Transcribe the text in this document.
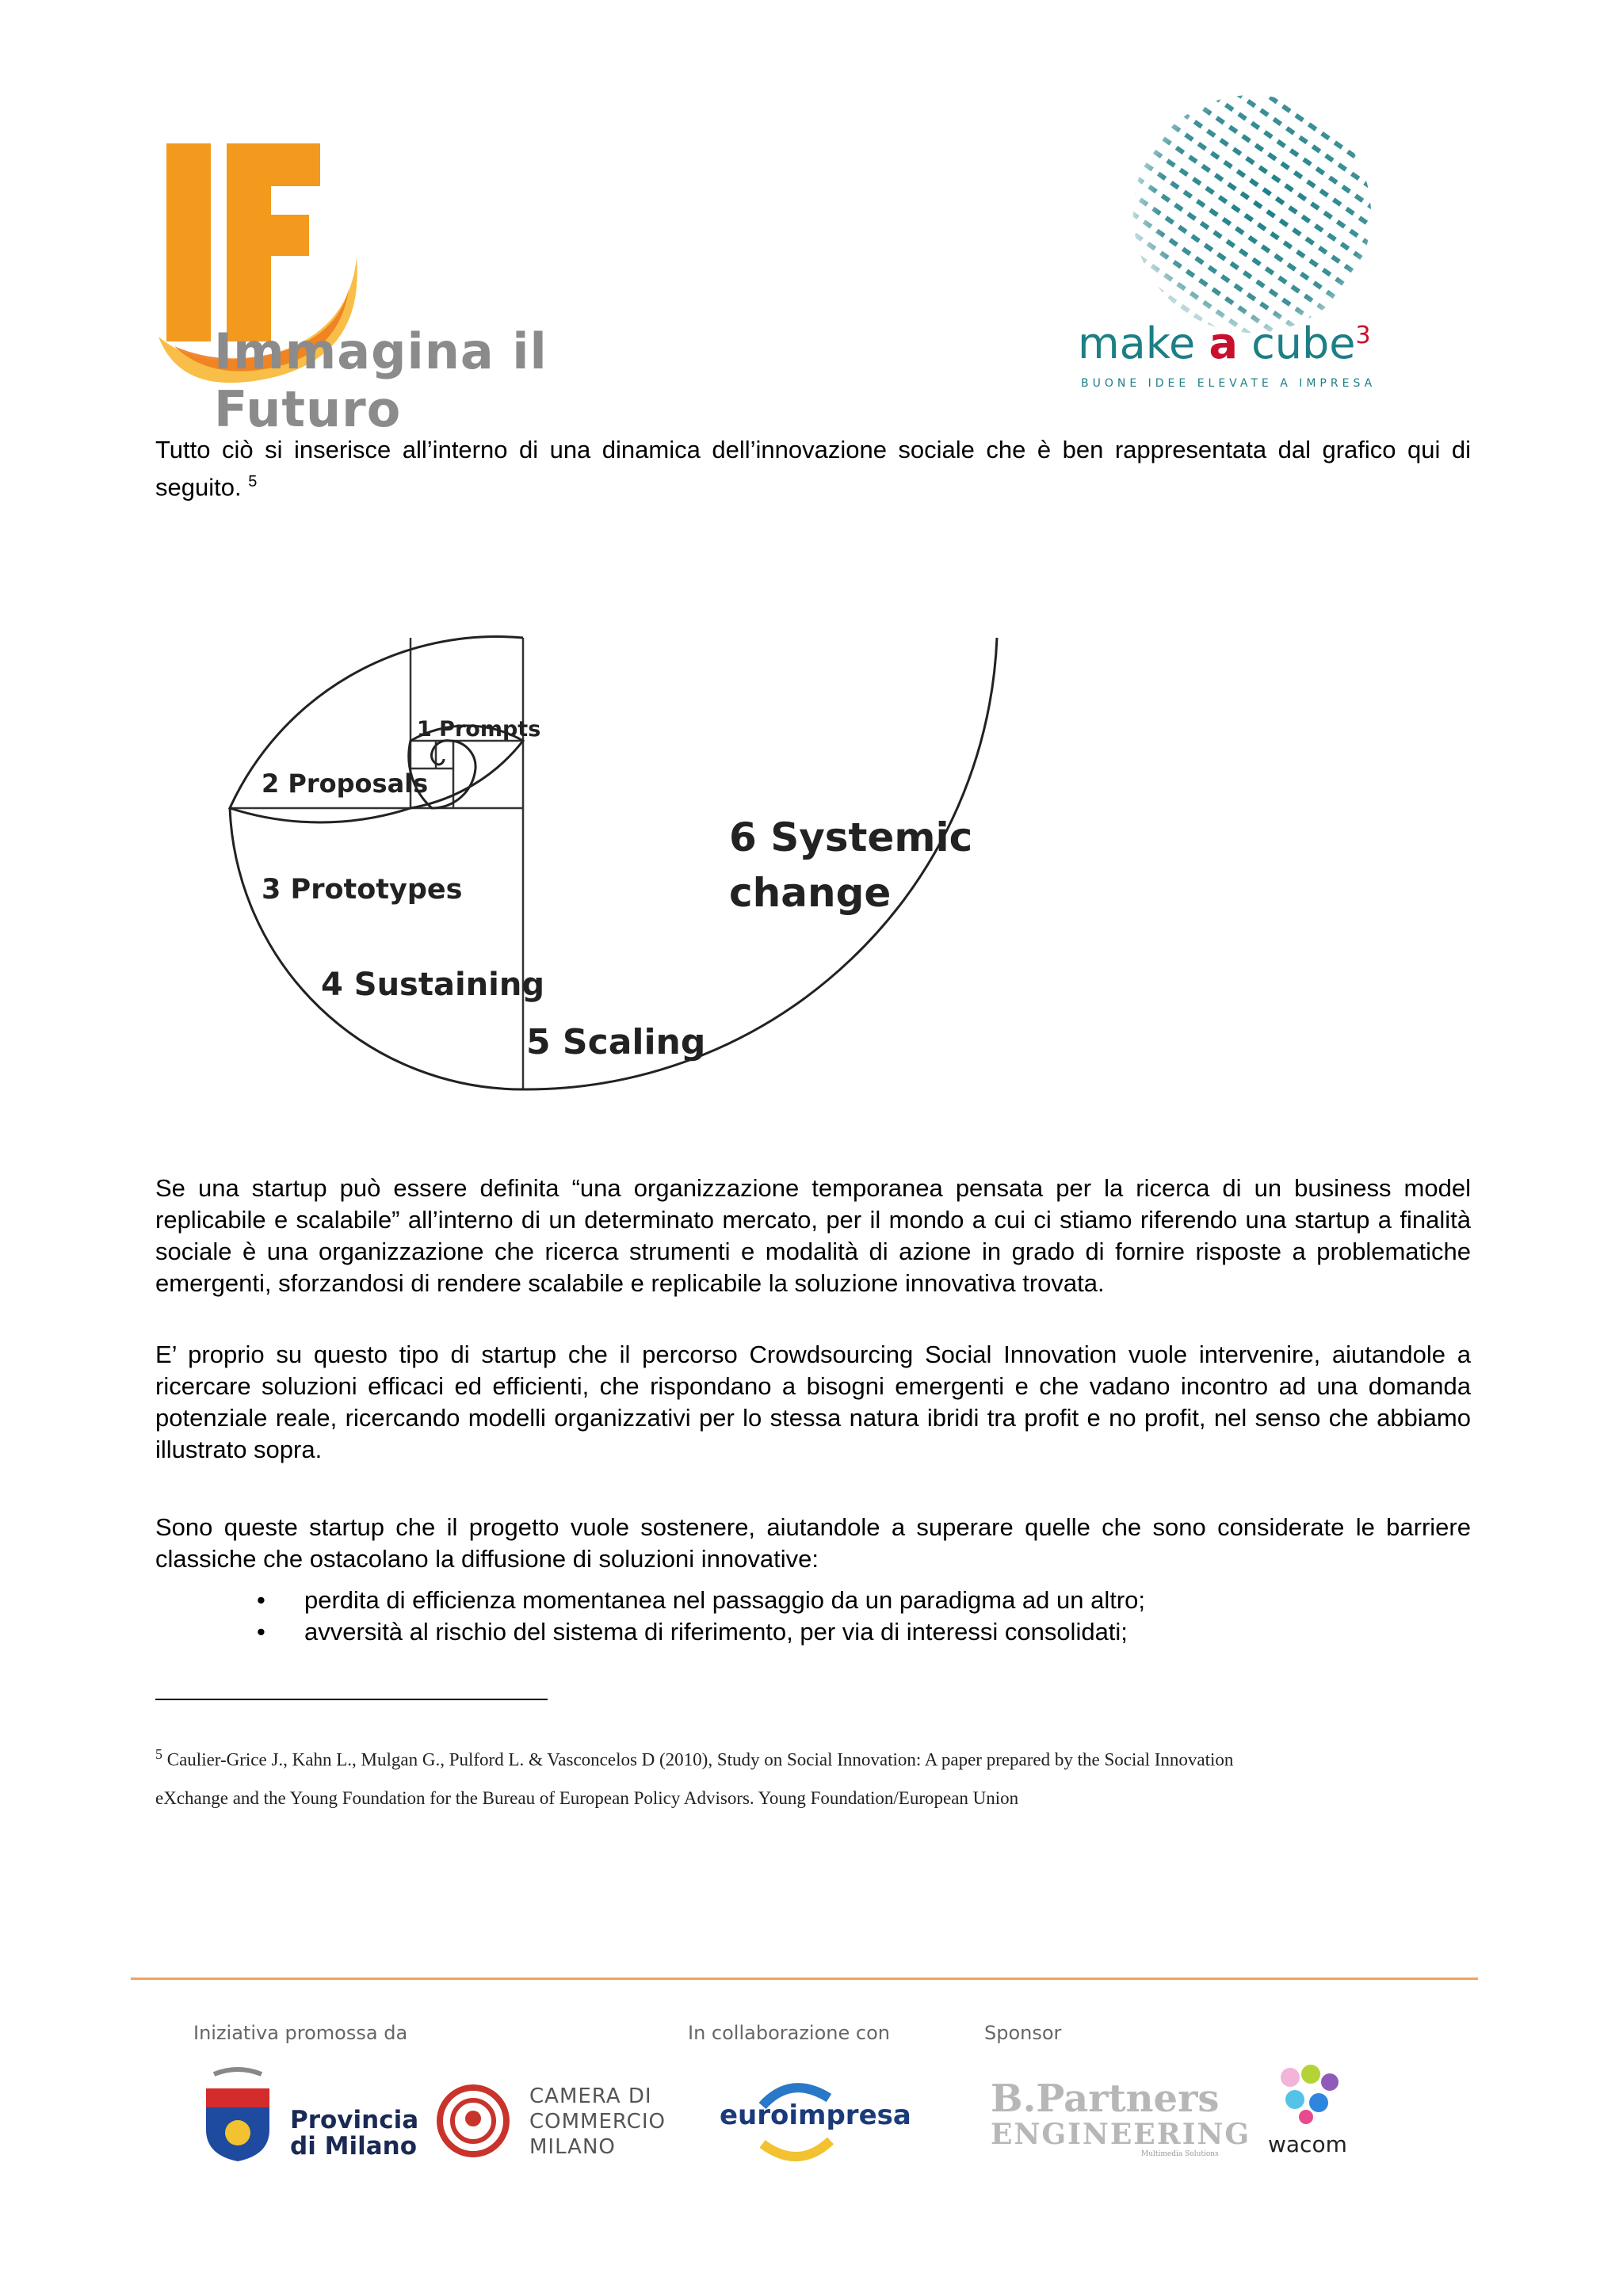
Immagina il Futuro
make a cube$^3$
BUONE IDEE ELEVATE A IMPRESA

Tutto ciò si inserisce all’interno di una dinamica dell’innovazione sociale che è ben rappresentata dal grafico qui di seguito. $^5$

1 Prompts
2 Proposals
3 Prototypes
4 Sustaining
5 Scaling
6 Systemic
change

Se una startup può essere definita “una organizzazione temporanea pensata per la ricerca di un business model replicabile e scalabile” all’interno di un determinato mercato, per il mondo a cui ci stiamo riferendo una startup a finalità sociale è una organizzazione che ricerca strumenti e modalità di azione in grado di fornire risposte a problematiche emergenti, sforzandosi di rendere scalabile e replicabile la soluzione innovativa trovata.

E’ proprio su questo tipo di startup che il percorso Crowdsourcing Social Innovation vuole intervenire, aiutandole a ricercare soluzioni efficaci ed efficienti, che rispondano a bisogni emergenti e che vadano incontro ad una domanda potenziale reale, ricercando modelli organizzativi per lo stessa natura ibridi tra profit e no profit, nel senso che abbiamo illustrato sopra.

Sono queste startup che il progetto vuole sostenere, aiutandole a superare quelle che sono considerate le barriere classiche che ostacolano la diffusione di soluzioni innovative:

• perdita di efficienza momentanea nel passaggio da un paradigma ad un altro;
• avversità al rischio del sistema di riferimento, per via di interessi consolidati;
$^5$ Caulier-Grice J., Kahn L., Mulgan G., Pulford L. & Vasconcelos D (2010), Study on Social Innovation: A paper prepared by the Social Innovation
eXchange and the Young Foundation for the Bureau of European Policy Advisors. Young Foundation/European Union
Iniziativa promossa da	In collaborazione con	Sponsor
Provincia
di Milano
CAMERA DI
COMMERCIO
MILANO
euroimpresa B.Partners
ENGINEERING
Multimedia Solutions	wacom
